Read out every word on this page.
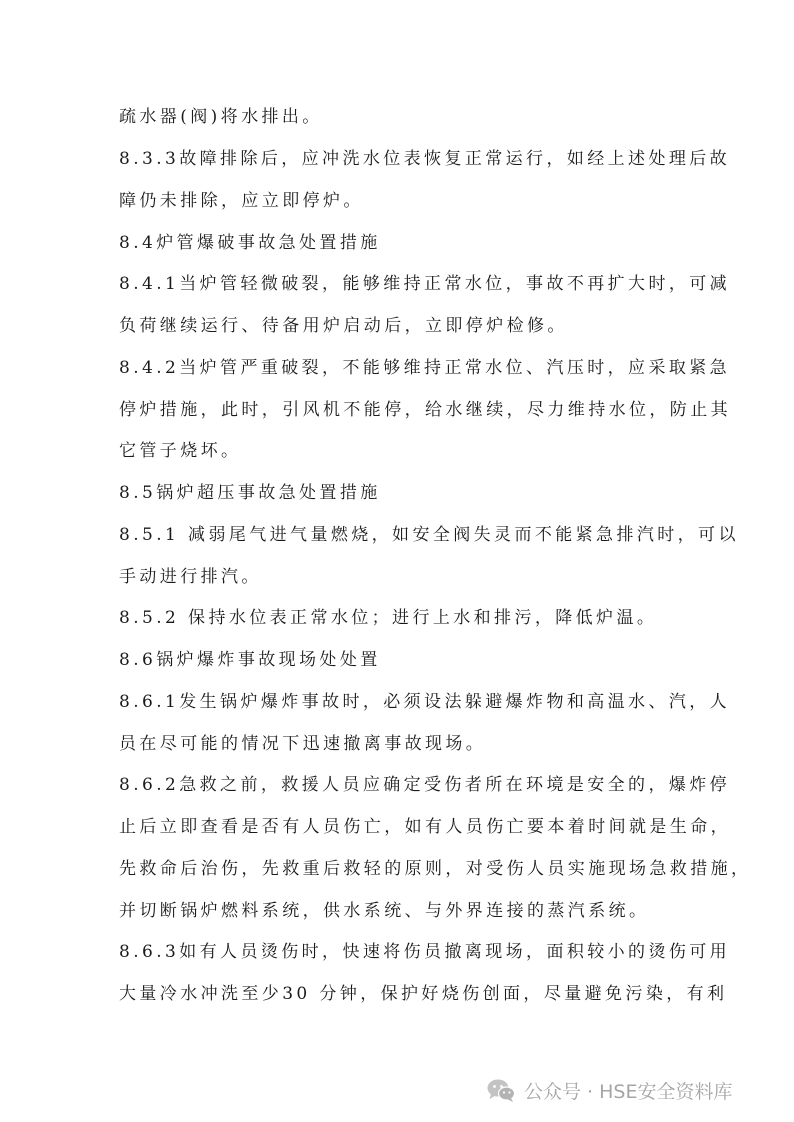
疏水器(阀)将水排出。
8.3.3故障排除后，应冲洗水位表恢复正常运行，如经上述处理后故
障仍未排除，应立即停炉。
8.4炉管爆破事故急处置措施
8.4.1当炉管轻微破裂，能够维持正常水位，事故不再扩大时，可减
负荷继续运行、待备用炉启动后，立即停炉检修。
8.4.2当炉管严重破裂，不能够维持正常水位、汽压时，应采取紧急
停炉措施，此时，引风机不能停，给水继续，尽力维持水位，防止其
它管子烧坏。
8.5锅炉超压事故急处置措施
8.5.1 减弱尾气进气量燃烧，如安全阀失灵而不能紧急排汽时，可以
手动进行排汽。
8.5.2 保持水位表正常水位；进行上水和排污，降低炉温。
8.6锅炉爆炸事故现场处处置
8.6.1发生锅炉爆炸事故时，必须设法躲避爆炸物和高温水、汽，人
员在尽可能的情况下迅速撤离事故现场。
8.6.2急救之前，救援人员应确定受伤者所在环境是安全的，爆炸停
止后立即查看是否有人员伤亡，如有人员伤亡要本着时间就是生命，
先救命后治伤，先救重后救轻的原则，对受伤人员实施现场急救措施，
并切断锅炉燃料系统，供水系统、与外界连接的蒸汽系统。
8.6.3如有人员烫伤时，快速将伤员撤离现场，面积较小的烫伤可用
大量冷水冲洗至少30 分钟，保护好烧伤创面，尽量避免污染，有利
公众号 · HSE安全资料库
